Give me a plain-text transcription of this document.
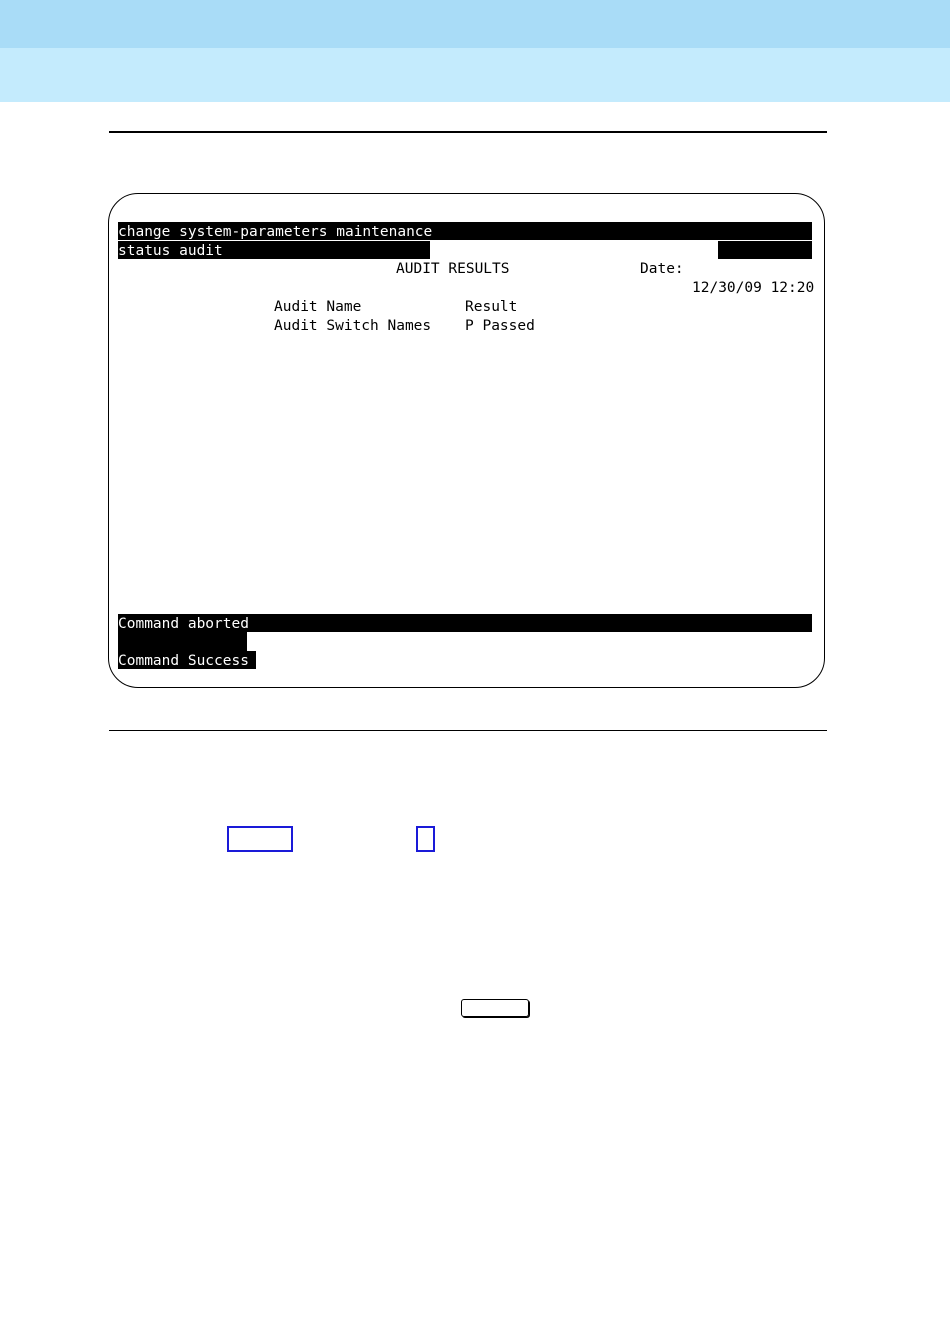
change system-parameters maintenance
status audit
AUDIT RESULTS	Date:
12/30/09 12:20
Audit Name	Result
Audit Switch Names P Passed
Command aborted
Command Success
